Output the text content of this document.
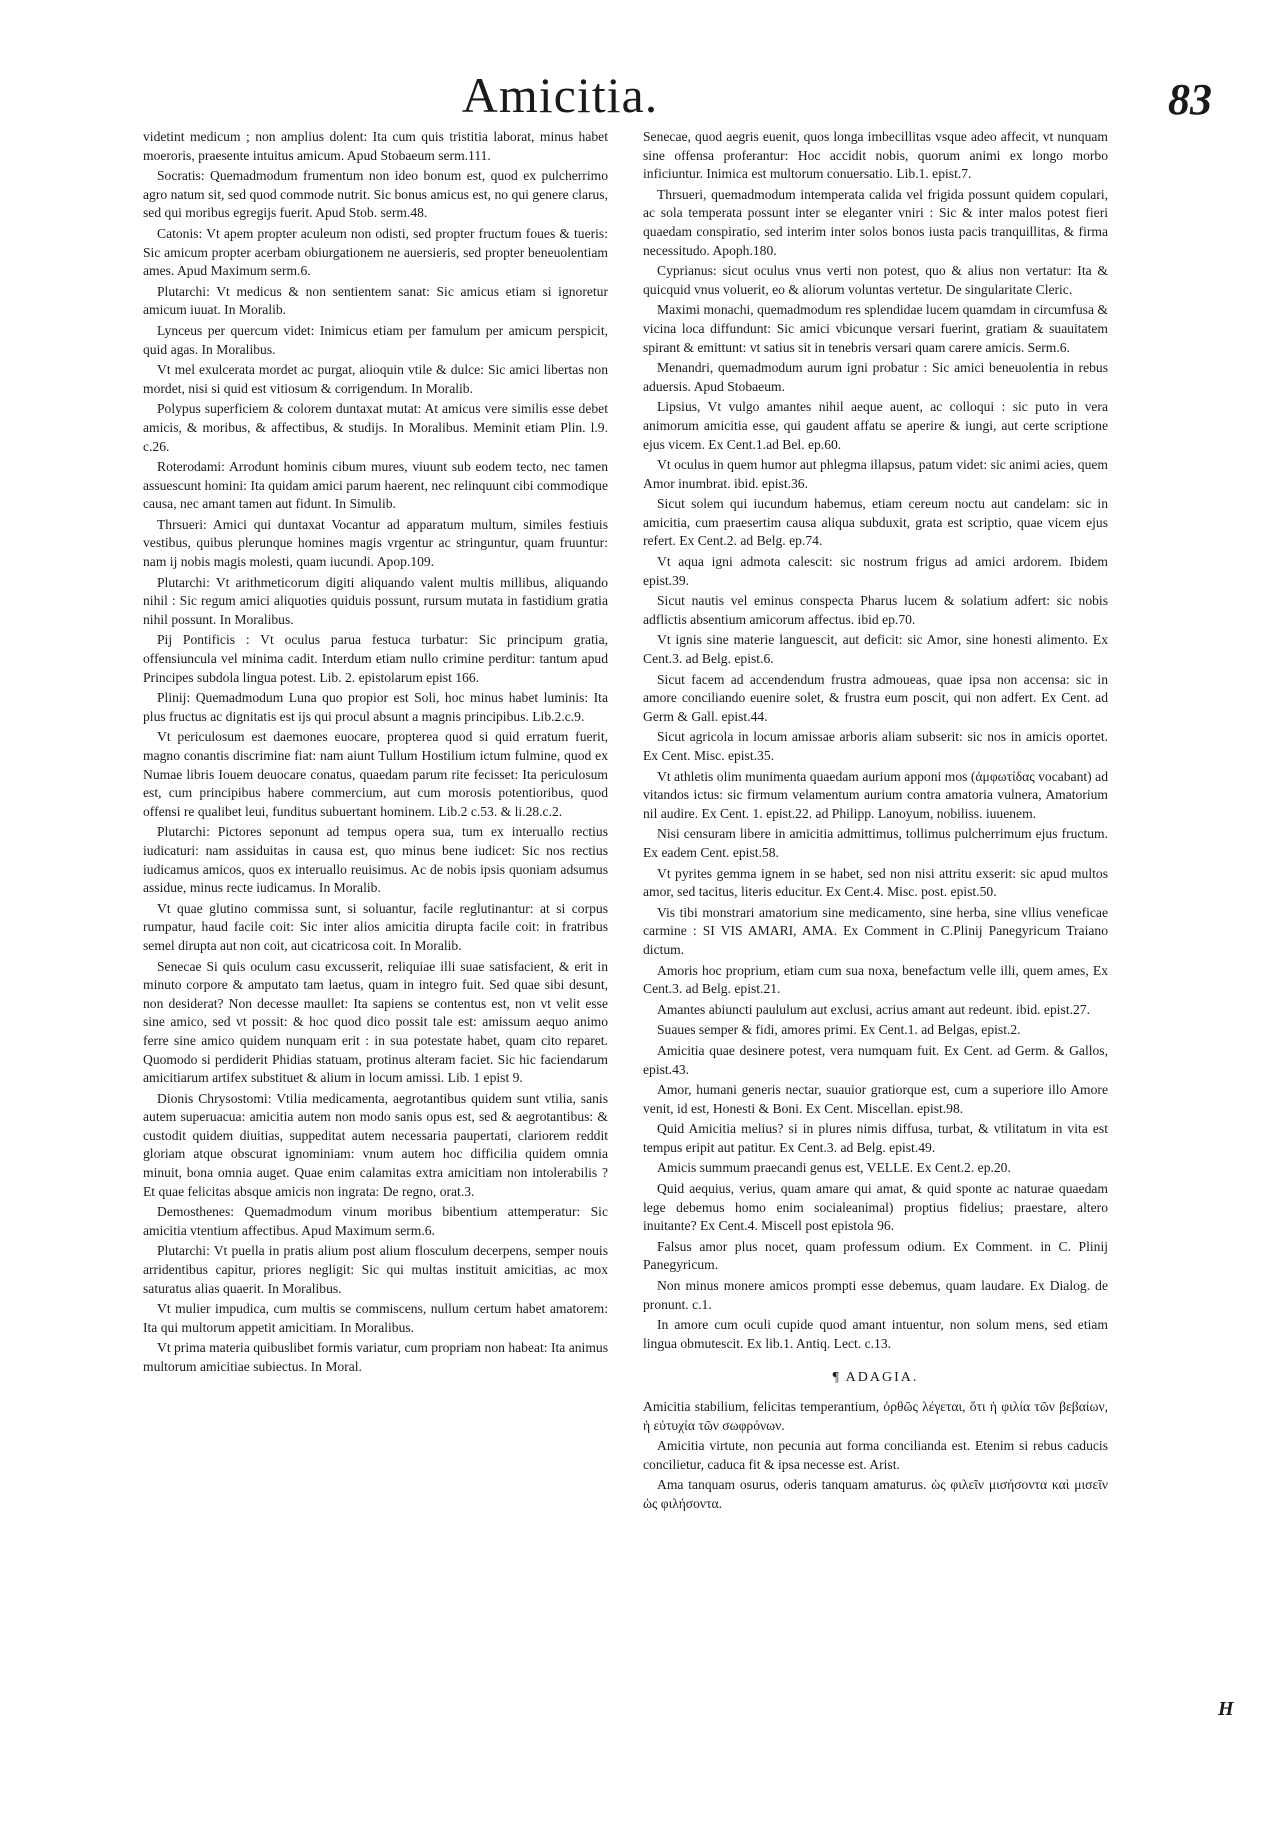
Amicitia.	83

videtint medicum ; non amplius dolent: Ita cum quis tristitia laborat, minus habet moeroris, praesente intuitus amicum. Apud Stobaeum serm.111.

Socratis: Quemadmodum frumentum non ideo bonum est, quod ex pulcherrimo agro natum sit, sed quod commode nutrit. Sic bonus amicus est, no qui genere clarus, sed qui moribus egregijs fuerit. Apud Stob. serm.48.

Catonis: Vt apem propter aculeum non odisti, sed propter fructum foues & tueris: Sic amicum propter acerbam obiurgationem ne auersieris, sed propter beneuolentiam ames. Apud Maximum serm.6.

Plutarchi: Vt medicus & non sentientem sanat: Sic amicus etiam si ignoretur amicum iuuat. In Moralib.

Lynceus per quercum videt: Inimicus etiam per famulum per amicum perspicit, quid agas. In Moralibus.

Vt mel exulcerata mordet ac purgat, alioquin vtile & dulce: Sic amici libertas non mordet, nisi si quid est vitiosum & corrigendum. In Moralib.

Polypus superficiem & colorem duntaxat mutat: At amicus vere similis esse debet amicis, & moribus, & affectibus, & studijs. In Moralibus. Meminit etiam Plin. l.9. c.26.

Roterodami: Arrodunt hominis cibum mures, viuunt sub eodem tecto, nec tamen assuescunt homini: Ita quidam amici parum haerent, nec relinquunt cibi commodique causa, nec amant tamen aut fidunt. In Simulib.

Thrsueri: Amici qui duntaxat Vocantur ad apparatum multum, similes festiuis vestibus, quibus plerunque homines magis vrgentur ac stringuntur, quam fruuntur: nam ij nobis magis molesti, quam iucundi. Apop.109.

Plutarchi: Vt arithmeticorum digiti aliquando valent multis millibus, aliquando nihil : Sic regum amici aliquoties quiduis possunt, rursum mutata in fastidium gratia nihil possunt. In Moralibus.

Pij Pontificis : Vt oculus parua festuca turbatur: Sic principum gratia, offensiuncula vel minima cadit. Interdum etiam nullo crimine perditur: tantum apud Principes subdola lingua potest. Lib. 2. epistolarum epist 166.

Plinij: Quemadmodum Luna quo propior est Soli, hoc minus habet luminis: Ita plus fructus ac dignitatis est ijs qui procul absunt a magnis principibus. Lib.2.c.9.

Vt periculosum est daemones euocare, propterea quod si quid erratum fuerit, magno conantis discrimine fiat: nam aiunt Tullum Hostilium ictum fulmine, quod ex Numae libris Iouem deuocare conatus, quaedam parum rite fecisset: Ita periculosum est, cum principibus habere commercium, aut cum morosis potentioribus, quod offensi re qualibet leui, funditus subuertant hominem. Lib.2 c.53. & li.28.c.2.

Plutarchi: Pictores seponunt ad tempus opera sua, tum ex interuallo rectius iudicaturi: nam assiduitas in causa est, quo minus bene iudicet: Sic nos rectius iudicamus amicos, quos ex interuallo reuisimus. Ac de nobis ipsis quoniam adsumus assidue, minus recte iudicamus. In Moralib.

Vt quae glutino commissa sunt, si soluantur, facile reglutinantur: at si corpus rumpatur, haud facile coit: Sic inter alios amicitia dirupta facile coit: in fratribus semel dirupta aut non coit, aut cicatricosa coit. In Moralib.

Senecae Si quis oculum casu excusserit, reliquiae illi suae satisfacient, & erit in minuto corpore & amputato tam laetus, quam in integro fuit. Sed quae sibi desunt, non desiderat? Non decesse maullet: Ita sapiens se contentus est, non vt velit esse sine amico, sed vt possit: & hoc quod dico possit tale est: amissum aequo animo ferre sine amico quidem nunquam erit : in sua potestate habet, quam cito reparet. Quomodo si perdiderit Phidias statuam, protinus alteram faciet. Sic hic faciendarum amicitiarum artifex substituet & alium in locum amissi. Lib. 1 epist 9.

Dionis Chrysostomi: Vtilia medicamenta, aegrotantibus quidem sunt vtilia, sanis autem superuacua: amicitia autem non modo sanis opus est, sed & aegrotantibus: & custodit quidem diuitias, suppeditat autem necessaria paupertati, clariorem reddit gloriam atque obscurat ignominiam: vnum autem hoc difficilia quidem omnia minuit, bona omnia auget. Quae enim calamitas extra amicitiam non intolerabilis ? Et quae felicitas absque amicis non ingrata: De regno, orat.3.

Demosthenes: Quemadmodum vinum moribus bibentium attemperatur: Sic amicitia vtentium affectibus. Apud Maximum serm.6.

Plutarchi: Vt puella in pratis alium post alium flosculum decerpens, semper nouis arridentibus capitur, priores negligit: Sic qui multas instituit amicitias, ac mox saturatus alias quaerit. In Moralibus.

Vt mulier impudica, cum multis se commiscens, nullum certum habet amatorem: Ita qui multorum appetit amicitiam. In Moralibus.

Vt prima materia quibuslibet formis variatur, cum propriam non habeat: Ita animus multorum amicitiae subiectus. In Moral.

Senecae, quod aegris euenit, quos longa imbecillitas vsque adeo affecit, vt nunquam sine offensa proferantur: Hoc accidit nobis, quorum animi ex longo morbo inficiuntur. Inimica est multorum conuersatio. Lib.1. epist.7.

Thrsueri, quemadmodum intemperata calida vel frigida possunt quidem copulari, ac sola temperata possunt inter se eleganter vniri : Sic & inter malos potest fieri quaedam conspiratio, sed interim inter solos bonos iusta pacis tranquillitas, & firma necessitudo. Apoph.180.

Cyprianus: sicut oculus vnus verti non potest, quo & alius non vertatur: Ita & quicquid vnus voluerit, eo & aliorum voluntas vertetur. De singularitate Cleric.

Maximi monachi, quemadmodum res splendidae lucem quamdam in circumfusa & vicina loca diffundunt: Sic amici vbicunque versari fuerint, gratiam & suauitatem spirant & emittunt: vt satius sit in tenebris versari quam carere amicis. Serm.6.

Menandri, quemadmodum aurum igni probatur : Sic amici beneuolentia in rebus aduersis. Apud Stobaeum.

Lipsius, Vt vulgo amantes nihil aeque auent, ac colloqui : sic puto in vera animorum amicitia esse, qui gaudent affatu se aperire & iungi, aut certe scriptione ejus vicem. Ex Cent.1.ad Bel. ep.60.

Vt oculus in quem humor aut phlegma illapsus, patum videt: sic animi acies, quem Amor inumbrat. ibid. epist.36.

Sicut solem qui iucundum habemus, etiam cereum noctu aut candelam: sic in amicitia, cum praesertim causa aliqua subduxit, grata est scriptio, quae vicem ejus refert. Ex Cent.2. ad Belg. ep.74.

Vt aqua igni admota calescit: sic nostrum frigus ad amici ardorem. Ibidem epist.39.

Sicut nautis vel eminus conspecta Pharus lucem & solatium adfert: sic nobis adflictis absentium amicorum affectus. ibid ep.70.

Vt ignis sine materie languescit, aut deficit: sic Amor, sine honesti alimento. Ex Cent.3. ad Belg. epist.6.

Sicut facem ad accendendum frustra admoueas, quae ipsa non accensa: sic in amore conciliando euenire solet, & frustra eum poscit, qui non adfert. Ex Cent. ad Germ & Gall. epist.44.

Sicut agricola in locum amissae arboris aliam subserit: sic nos in amicis oportet. Ex Cent. Misc. epist.35.

Vt athletis olim munimenta quaedam aurium apponi mos (ἀμφωτίδας vocabant) ad vitandos ictus: sic firmum velamentum aurium contra amatoria vulnera, Amatorium nil audire. Ex Cent. 1. epist.22. ad Philipp. Lanoyum, nobiliss. iuuenem.

Nisi censuram libere in amicitia admittimus, tollimus pulcherrimum ejus fructum. Ex eadem Cent. epist.58.

Vt pyrites gemma ignem in se habet, sed non nisi attritu exserit: sic apud multos amor, sed tacitus, literis educitur. Ex Cent.4. Misc. post. epist.50.

Vis tibi monstrari amatorium sine medicamento, sine herba, sine vllius veneficae carmine : SI VIS AMARI, AMA. Ex Comment in C.Plinij Panegyricum Traiano dictum.

Amoris hoc proprium, etiam cum sua noxa, benefactum velle illi, quem ames, Ex Cent.3. ad Belg. epist.21.

Amantes abiuncti paululum aut exclusi, acrius amant aut redeunt. ibid. epist.27.

Suaues semper & fidi, amores primi. Ex Cent.1. ad Belgas, epist.2.

Amicitia quae desinere potest, vera numquam fuit. Ex Cent. ad Germ. & Gallos, epist.43.

Amor, humani generis nectar, suauior gratiorque est, cum a superiore illo Amore venit, id est, Honesti & Boni. Ex Cent. Miscellan. epist.98.

Quid Amicitia melius? si in plures nimis diffusa, turbat, & vtilitatum in vita est tempus eripit aut patitur. Ex Cent.3. ad Belg. epist.49.

Amicis summum praecandi genus est, VELLE. Ex Cent.2. ep.20.

Quid aequius, verius, quam amare qui amat, & quid sponte ac naturae quaedam lege debemus homo enim socialeanimal) proptius fidelius; praestare, altero inuitante? Ex Cent.4. Miscell post epistola 96.

Falsus amor plus nocet, quam professum odium. Ex Comment. in C. Plinij Panegyricum.

Non minus monere amicos prompti esse debemus, quam laudare. Ex Dialog. de pronunt. c.1.

In amore cum oculi cupide quod amant intuentur, non solum mens, sed etiam lingua obmutescit. Ex lib.1. Antiq. Lect. c.13.

¶ ADAGIA.

Amicitia stabilium, felicitas temperantium, ὀρθῶς λέγεται, ὅτι ἡ φιλία τῶν βεβαίων, ἡ εὐτυχία τῶν σωφρόνων.

Amicitia virtute, non pecunia aut forma concilianda est. Etenim si rebus caducis concilietur, caduca fit & ipsa necesse est. Arist.

Ama tanquam osurus, oderis tanquam amaturus. ὡς φιλεῖν μισήσοντα καὶ μισεῖν ὡς φιλήσοντα.

H
